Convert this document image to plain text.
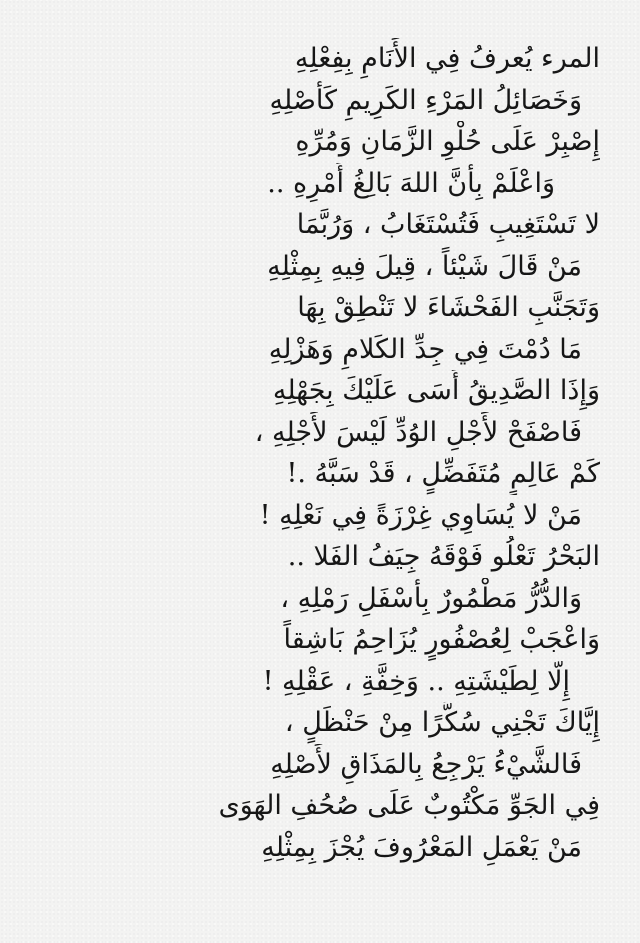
المرء يُعرفُ فِي الأَنَامِ بِفِعْلِهِ
وَخَصَائِلُ المَرْءِ الكَرِيمِ كَأَصْلِهِ
إِصْبِرْ عَلَى حُلْوِ الزَّمَانِ وَمُرِّهِ
وَاعْلَمْ بِأَنَّ اللهَ بَالِغُ أَمْرِهِ ..
لا تَسْتَغِيبِ فَتُسْتَغَابُ ، وَرُبَّمَا
مَنْ قَالَ شَيْئاً ، قِيلَ فِيهِ بِمِثْلِهِ
وَتَجَنَّبِ الفَحْشَاءَ لا تَنْطِقْ بِهَا
مَا دُمْتَ فِي جِدِّ الكَلامِ وَهَزْلِهِ
وَإِذَا الصَّدِيقُ أَسَى عَلَيْكَ بِجَهْلِهِ
فَاصْفَحْ لأَجْلِ الوُدِّ لَيْسَ لأَجْلِهِ ،
كَمْ عَالِمٍ مُتَفَضِّلٍ ، قَدْ سَبَّهُ .!
مَنْ لا يُسَاوِي غِرْزَةً فِي نَعْلِهِ !
البَحْرُ تَعْلُو فَوْقَهُ جِيَفُ الفَلا ..
وَالدُّرُّ مَطْمُورٌ بِأَسْفَلِ رَمْلِهِ ،
وَاعْجَبْ لِعُصْفُورٍ يُزَاحِمُ بَاشِقاً
إِلّا لِطَيْشَتِهِ .. وَخِفَّةِ ، عَقْلِهِ !
إِيَّاكَ تَجْنِي سُكَّرًا مِنْ حَنْظَلٍ ،
فَالشَّيْءُ يَرْجِعُ بِالمَذَاقِ لأَصْلِهِ
فِي الجَوِّ مَكْتُوبٌ عَلَى صُحُفِ الهَوَى
مَنْ يَعْمَلِ المَعْرُوفَ يُجْزَ بِمِثْلِهِ
